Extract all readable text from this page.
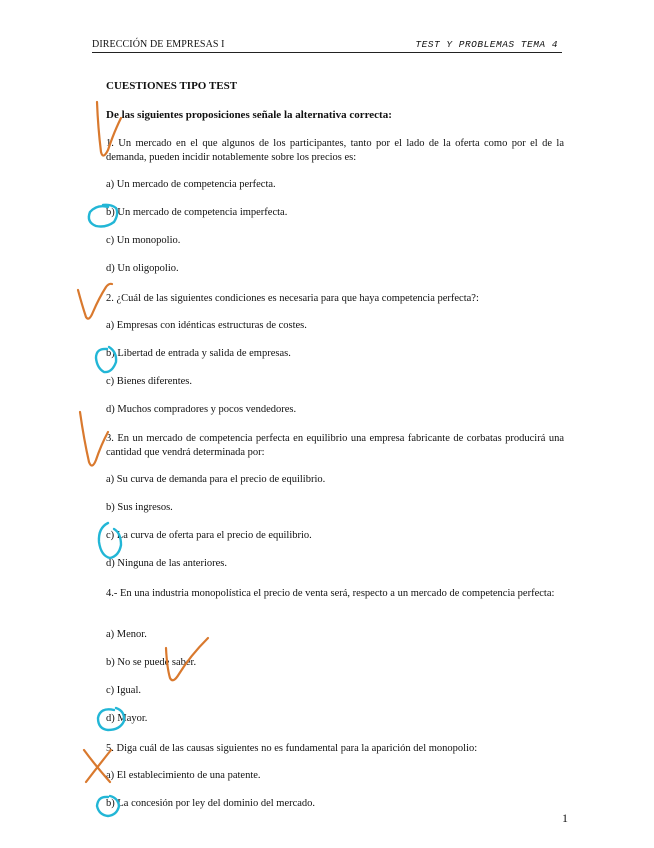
DIRECCIÓN DE EMPRESAS I	TEST Y PROBLEMAS TEMA 4
CUESTIONES TIPO TEST
De las siguientes proposiciones señale la alternativa correcta:
1. Un mercado en el que algunos de los participantes, tanto por el lado de la oferta como por el de la demanda, pueden incidir notablemente sobre los precios es:
a) Un mercado de competencia perfecta.
b) Un mercado de competencia imperfecta.
c) Un monopolio.
d) Un oligopolio.
2. ¿Cuál de las siguientes condiciones es necesaria para que haya competencia perfecta?:
a) Empresas con idénticas estructuras de costes.
b) Libertad de entrada y salida de empresas.
c) Bienes diferentes.
d) Muchos compradores y pocos vendedores.
3. En un mercado de competencia perfecta en equilibrio una empresa fabricante de corbatas producirá una cantidad que vendrá determinada por:
a) Su curva de demanda para el precio de equilibrio.
b) Sus ingresos.
c) La curva de oferta para el precio de equilibrio.
d) Ninguna de las anteriores.
4.- En una industria monopolística el precio de venta será, respecto a un mercado de competencia perfecta:
a) Menor.
b) No se puede saber.
c) Igual.
d) Mayor.
5. Diga cuál de las causas siguientes no es fundamental para la aparición del monopolio:
a) El establecimiento de una patente.
b) La concesión por ley del dominio del mercado.
1
